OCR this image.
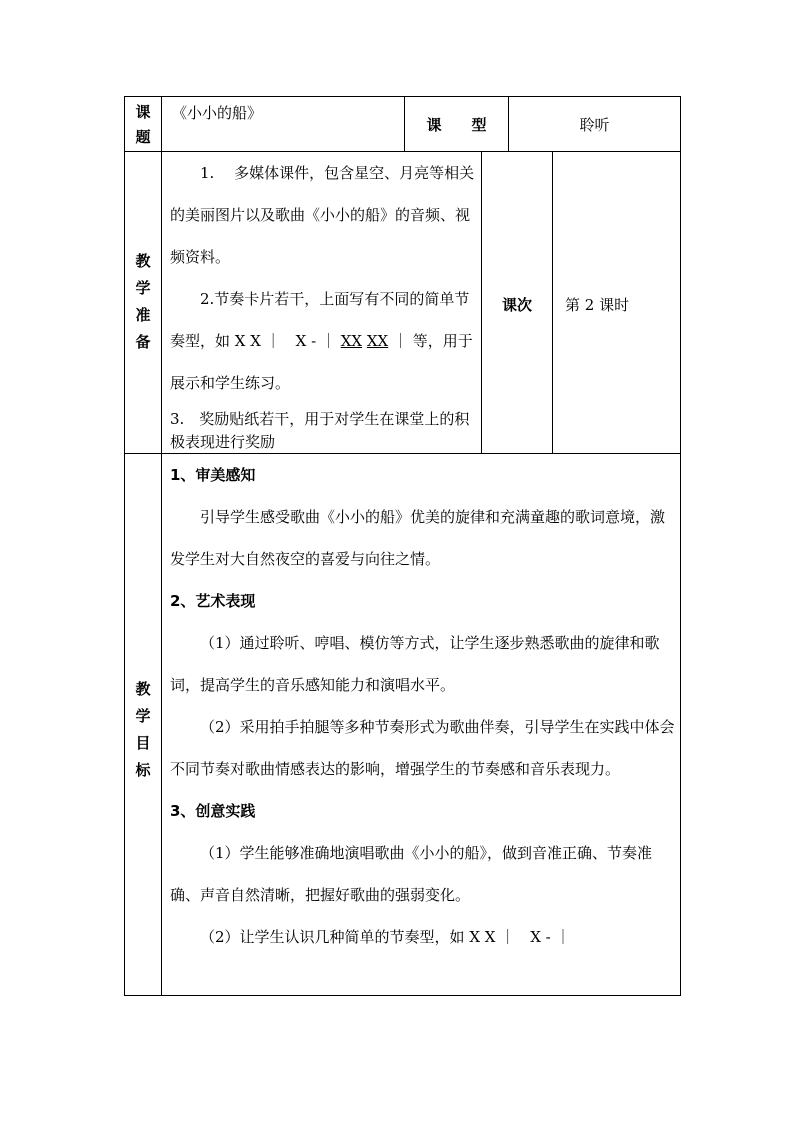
课
题
《小小的船》
课　　型	聆听
教
学
准
备

1.　 多媒体课件，包含星空、月亮等相关的美丽图片以及歌曲《小小的船》的音频、视频资料。

2.节奏卡片若干，上面写有不同的简单节奏型，如 X X ｜　X - ｜ XX XX ｜ 等，用于展示和学生练习。

3.　奖励贴纸若干，用于对学生在课堂上的积极表现进行奖励

课次	第 2 课时
教
学
目
标

1、审美感知

引导学生感受歌曲《小小的船》优美的旋律和充满童趣的歌词意境，激发学生对大自然夜空的喜爱与向往之情。

2、艺术表现

（1）通过聆听、哼唱、模仿等方式，让学生逐步熟悉歌曲的旋律和歌词，提高学生的音乐感知能力和演唱水平。

（2）采用拍手拍腿等多种节奏形式为歌曲伴奏，引导学生在实践中体会不同节奏对歌曲情感表达的影响，增强学生的节奏感和音乐表现力。

3、创意实践

（1）学生能够准确地演唱歌曲《小小的船》，做到音准正确、节奏准确、声音自然清晰，把握好歌曲的强弱变化。

（2）让学生认识几种简单的节奏型，如 X X ｜　X - ｜
